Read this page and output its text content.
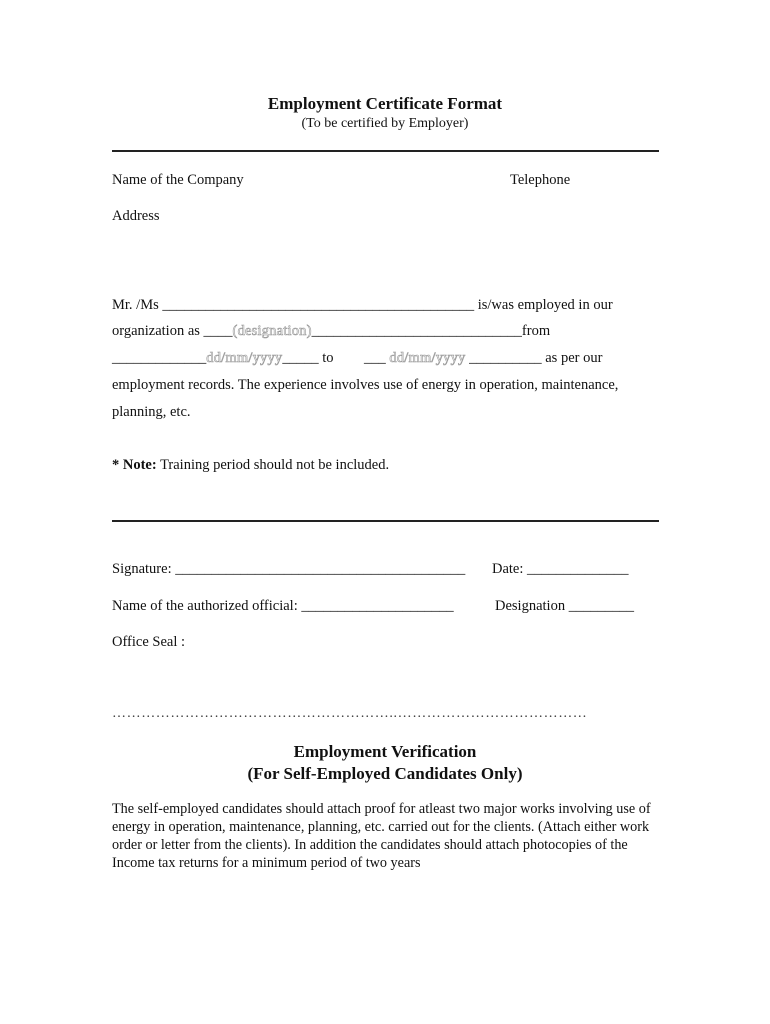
Employment Certificate Format
(To be certified by Employer)
Name of the Company	Telephone
Address
Mr. /Ms ___________________________________________ is/was employed in our
organization as ____(designation)_____________________________from
_____________dd/mm/yyyy_____ to ___ dd/mm/yyyy __________ as per our
employment records. The experience involves use of energy in operation, maintenance,
planning, etc.
* Note: Training period should not be included.
Signature: ________________________________________ Date: ______________
Name of the authorized official: _____________________	Designation _________
Office Seal :
…………………………………………………..…………………………………
Employment Verification
(For Self-Employed Candidates Only)
The self-employed candidates should attach proof for atleast two major works involving use of energy in operation, maintenance, planning, etc. carried out for the clients. (Attach either work order or letter from the clients). In addition the candidates should attach photocopies of the Income tax returns for a minimum period of two years
